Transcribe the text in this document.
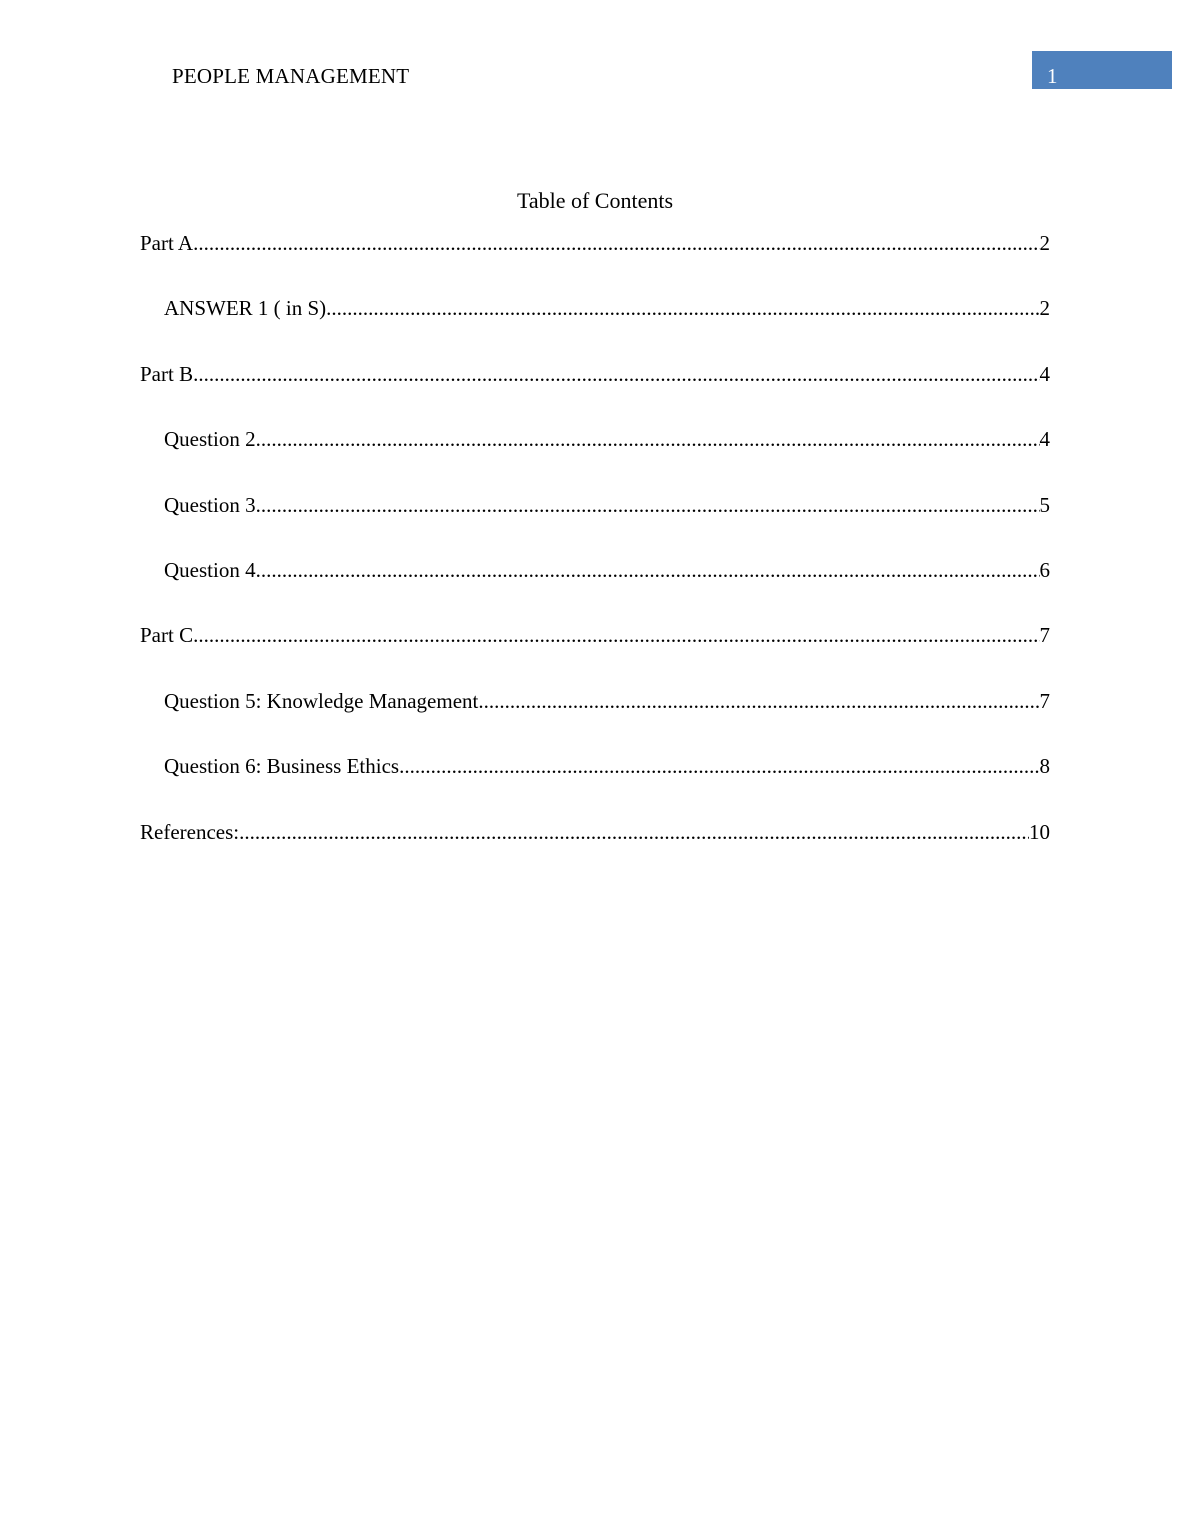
PEOPLE MANAGEMENT	1
Table of Contents
Part A .....	2
ANSWER 1 ( in S) .....	2
Part B .....	4
Question 2 .....	4
Question 3 .....	5
Question 4 .....	6
Part C .....	7
Question 5: Knowledge Management .....	7
Question 6: Business Ethics .....	8
References: .....	10
